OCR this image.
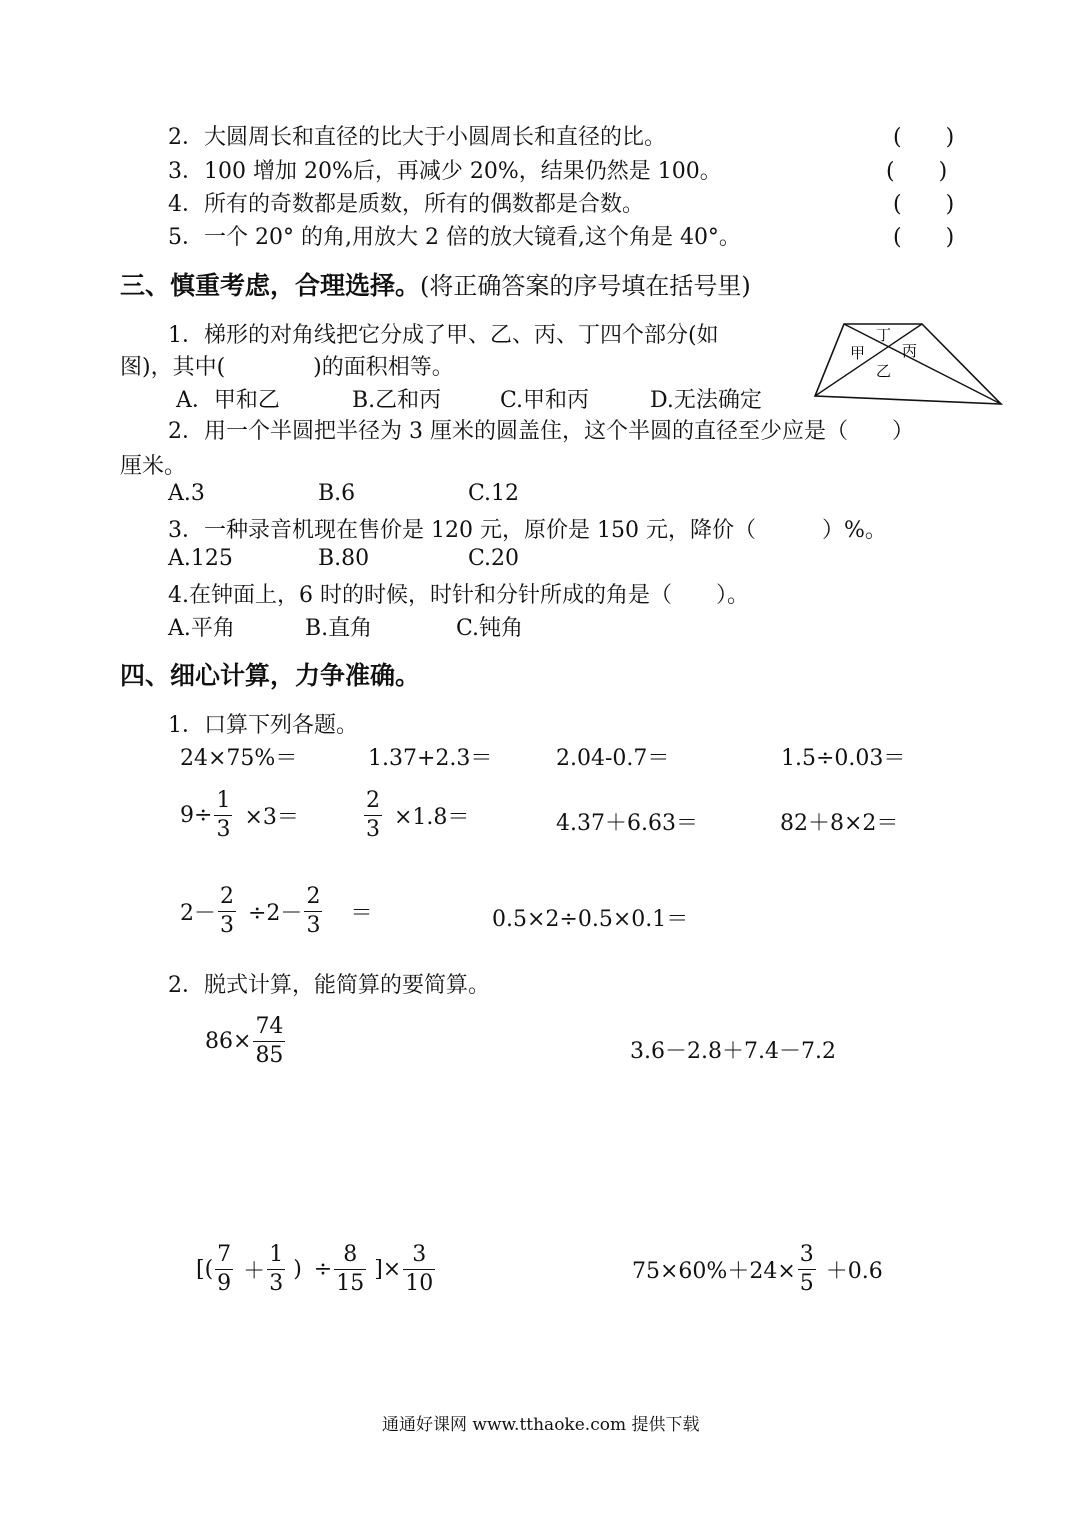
2．大圆周长和直径的比大于小圆周长和直径的比。	(　　)
3．100 增加 20%后，再减少 20%，结果仍然是 100。	(　　)
4．所有的奇数都是质数，所有的偶数都是合数。	(　　)
5．一个 20° 的角,用放大 2 倍的放大镜看,这个角是 40°。	(　　)
三、慎重考虑，合理选择。(将正确答案的序号填在括号里)
1．梯形的对角线把它分成了甲、乙、丙、丁四个部分(如
图)，其中(　　　　)的面积相等。
A．甲和乙	B.乙和丙	C.甲和丙	D.无法确定
丁
甲 丙
乙
2．用一个半圆把半径为 3 厘米的圆盖住，这个半圆的直径至少应是（　　）
厘米。
A.3	B.6	C.12
3．一种录音机现在售价是 120 元，原价是 150 元，降价（　　　）%。
A.125	B.80	C.20
4.在钟面上，6 时的时候，时针和分针所成的角是（　　）。
A.平角	B.直角	C.钝角
四、细心计算，力争准确。
1．口算下列各题。
24×75%＝	1.37+2.3＝	2.04-0.7＝	1.5÷0.03＝
$9\div \frac{1}{3} \times 3=$	$\frac{2}{3} \times 1.8=$	4.37＋6.63＝	82＋8×2＝
$2- \frac{2}{3} \div 2- \frac{2}{3}$ ＝	0.5×2÷0.5×0.1＝
2．脱式计算，能简算的要简算。
$86\times \frac{74}{85}$	3.6－2.8＋7.4－7.2
[( $\frac{7}{9} + \frac{1}{3}$ ) ÷ $\frac{8}{15}$ ]× $\frac{3}{10}$	$75\times 60\%+24\times \frac{3}{5} +0.6$
通通好课网 www.tthaoke.com 提供下载
